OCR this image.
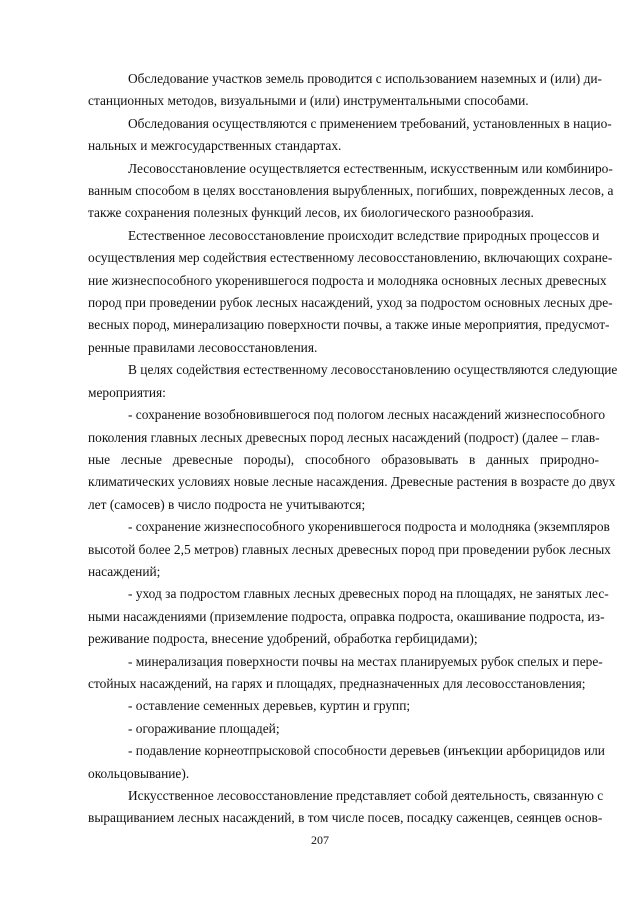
Обследование участков земель проводится с использованием наземных и (или) ди-
станционных методов, визуальными и (или) инструментальными способами.

Обследования осуществляются с применением требований, установленных в нацио-
нальных и межгосударственных стандартах.

Лесовосстановление осуществляется естественным, искусственным или комбиниро-
ванным способом в целях восстановления вырубленных, погибших, поврежденных лесов, а
также сохранения полезных функций лесов, их биологического разнообразия.

Естественное лесовосстановление происходит вследствие природных процессов и
осуществления мер содействия естественному лесовосстановлению, включающих сохране-
ние жизнеспособного укоренившегося подроста и молодняка основных лесных древесных
пород при проведении рубок лесных насаждений, уход за подростом основных лесных дре-
весных пород, минерализацию поверхности почвы, а также иные мероприятия, предусмот-
ренные правилами лесовосстановления.

В целях содействия естественному лесовосстановлению осуществляются следующие
мероприятия:

- сохранение возобновившегося под пологом лесных насаждений жизнеспособного
поколения главных лесных древесных пород лесных насаждений (подрост) (далее – глав-
ные лесные древесные породы), способного образовывать в данных природно-
климатических условиях новые лесные насаждения. Древесные растения в возрасте до двух
лет (самосев) в число подроста не учитываются;

- сохранение жизнеспособного укоренившегося подроста и молодняка (экземпляров
высотой более 2,5 метров) главных лесных древесных пород при проведении рубок лесных
насаждений;

- уход за подростом главных лесных древесных пород на площадях, не занятых лес-
ными насаждениями (приземление подроста, оправка подроста, окашивание подроста, из-
реживание подроста, внесение удобрений, обработка гербицидами);

- минерализация поверхности почвы на местах планируемых рубок спелых и пере-
стойных насаждений, на гарях и площадях, предназначенных для лесовосстановления;

- оставление семенных деревьев, куртин и групп;

- огораживание площадей;

- подавление корнеотпрысковой способности деревьев (инъекции арборицидов или
окольцовывание).

Искусственное лесовосстановление представляет собой деятельность, связанную с
выращиванием лесных насаждений, в том числе посев, посадку саженцев, сеянцев основ-

207
